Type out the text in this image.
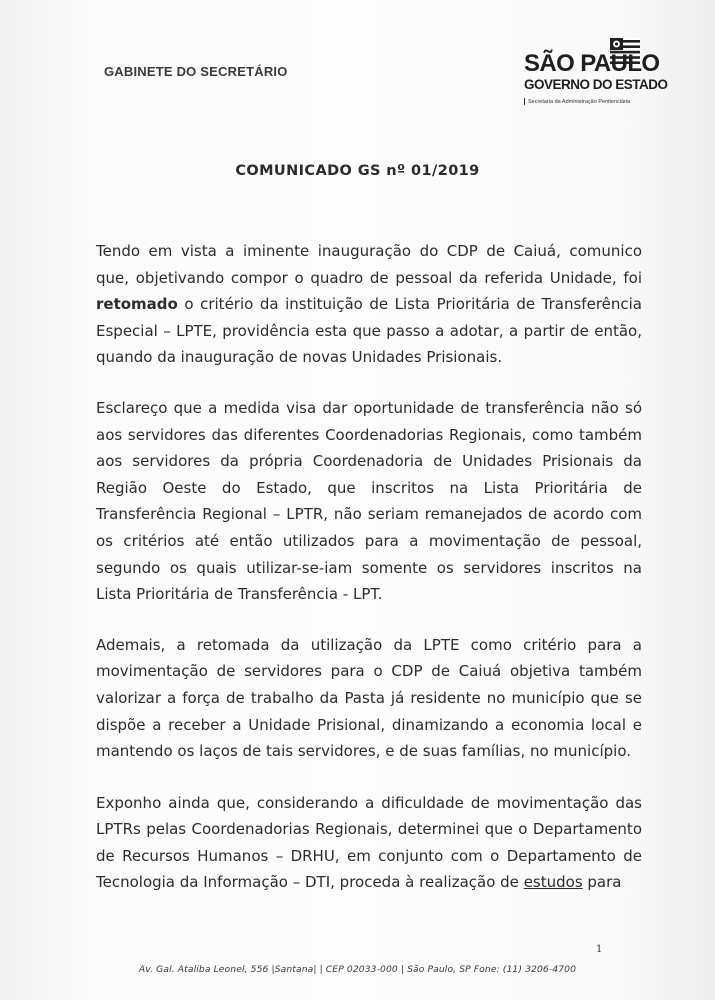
GABINETE DO SECRETÁRIO	SÃO PAULO
GOVERNO DO ESTADO
Secretaria da Administração Penitenciária
COMUNICADO GS nº 01/2019

Tendo em vista a iminente inauguração do CDP de Caiuá, comunico que, objetivando compor o quadro de pessoal da referida Unidade, foi retomado o critério da instituição de Lista Prioritária de Transferência Especial – LPTE, providência esta que passo a adotar, a partir de então, quando da inauguração de novas Unidades Prisionais.

Esclareço que a medida visa dar oportunidade de transferência não só aos servidores das diferentes Coordenadorias Regionais, como também aos servidores da própria Coordenadoria de Unidades Prisionais da Região Oeste do Estado, que inscritos na Lista Prioritária de Transferência Regional – LPTR, não seriam remanejados de acordo com os critérios até então utilizados para a movimentação de pessoal, segundo os quais utilizar-se-iam somente os servidores inscritos na Lista Prioritária de Transferência - LPT.

Ademais, a retomada da utilização da LPTE como critério para a movimentação de servidores para o CDP de Caiuá objetiva também valorizar a força de trabalho da Pasta já residente no município que se dispõe a receber a Unidade Prisional, dinamizando a economia local e mantendo os laços de tais servidores, e de suas famílias, no município.

Exponho ainda que, considerando a dificuldade de movimentação das LPTRs pelas Coordenadorias Regionais, determinei que o Departamento de Recursos Humanos – DRHU, em conjunto com o Departamento de Tecnologia da Informação – DTI, proceda à realização de estudos para

1
Av. Gal. Ataliba Leonel, 556 |Santana| | CEP 02033-000 | São Paulo, SP Fone: (11) 3206-4700
